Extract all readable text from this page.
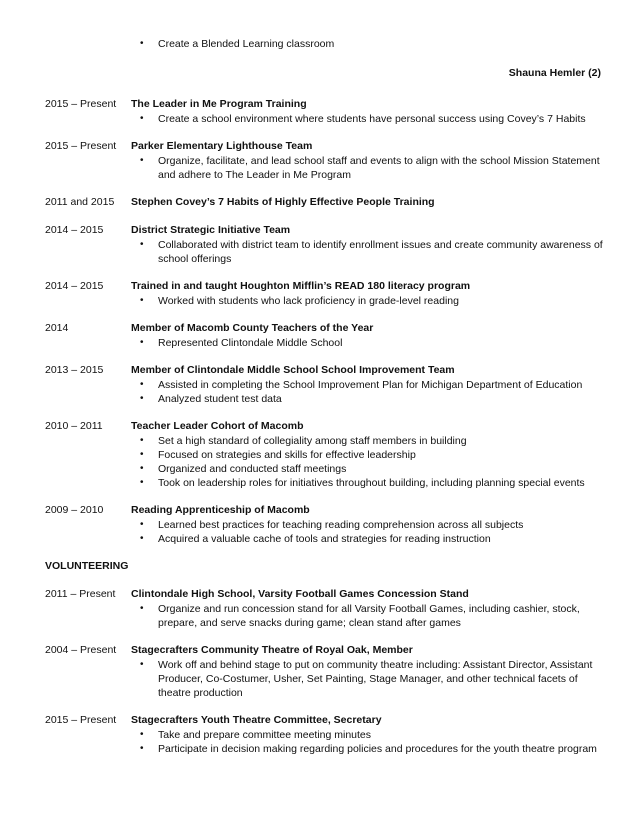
•	Create a Blended Learning classroom
Shauna Hemler (2)
2015 – Present	The Leader in Me Program Training
•	Create a school environment where students have personal success using Covey’s 7 Habits
2015 – Present	Parker Elementary Lighthouse Team
•	Organize, facilitate, and lead school staff and events to align with the school Mission Statement and adhere to The Leader in Me Program
2011 and 2015	Stephen Covey’s 7 Habits of Highly Effective People Training
2014 – 2015	District Strategic Initiative Team
•	Collaborated with district team to identify enrollment issues and create community awareness of school offerings
2014 – 2015	Trained in and taught Houghton Mifflin’s READ 180 literacy program
•	Worked with students who lack proficiency in grade-level reading
2014	Member of Macomb County Teachers of the Year
•	Represented Clintondale Middle School
2013 – 2015	Member of Clintondale Middle School School Improvement Team
•	Assisted in completing the School Improvement Plan for Michigan Department of Education
•	Analyzed student test data
2010 – 2011	Teacher Leader Cohort of Macomb
•	Set a high standard of collegiality among staff members in building
•	Focused on strategies and skills for effective leadership
•	Organized and conducted staff meetings
•	Took on leadership roles for initiatives throughout building, including planning special events
2009 – 2010	Reading Apprenticeship of Macomb
•	Learned best practices for teaching reading comprehension across all subjects
•	Acquired a valuable cache of tools and strategies for reading instruction
VOLUNTEERING
2011 – Present	Clintondale High School, Varsity Football Games Concession Stand
•	Organize and run concession stand for all Varsity Football Games, including cashier, stock, prepare, and serve snacks during game; clean stand after games
2004 – Present	Stagecrafters Community Theatre of Royal Oak, Member
•	Work off and behind stage to put on community theatre including: Assistant Director, Assistant Producer, Co-Costumer, Usher, Set Painting, Stage Manager, and other technical facets of theatre production
2015 – Present	Stagecrafters Youth Theatre Committee, Secretary
•	Take and prepare committee meeting minutes
•	Participate in decision making regarding policies and procedures for the youth theatre program
